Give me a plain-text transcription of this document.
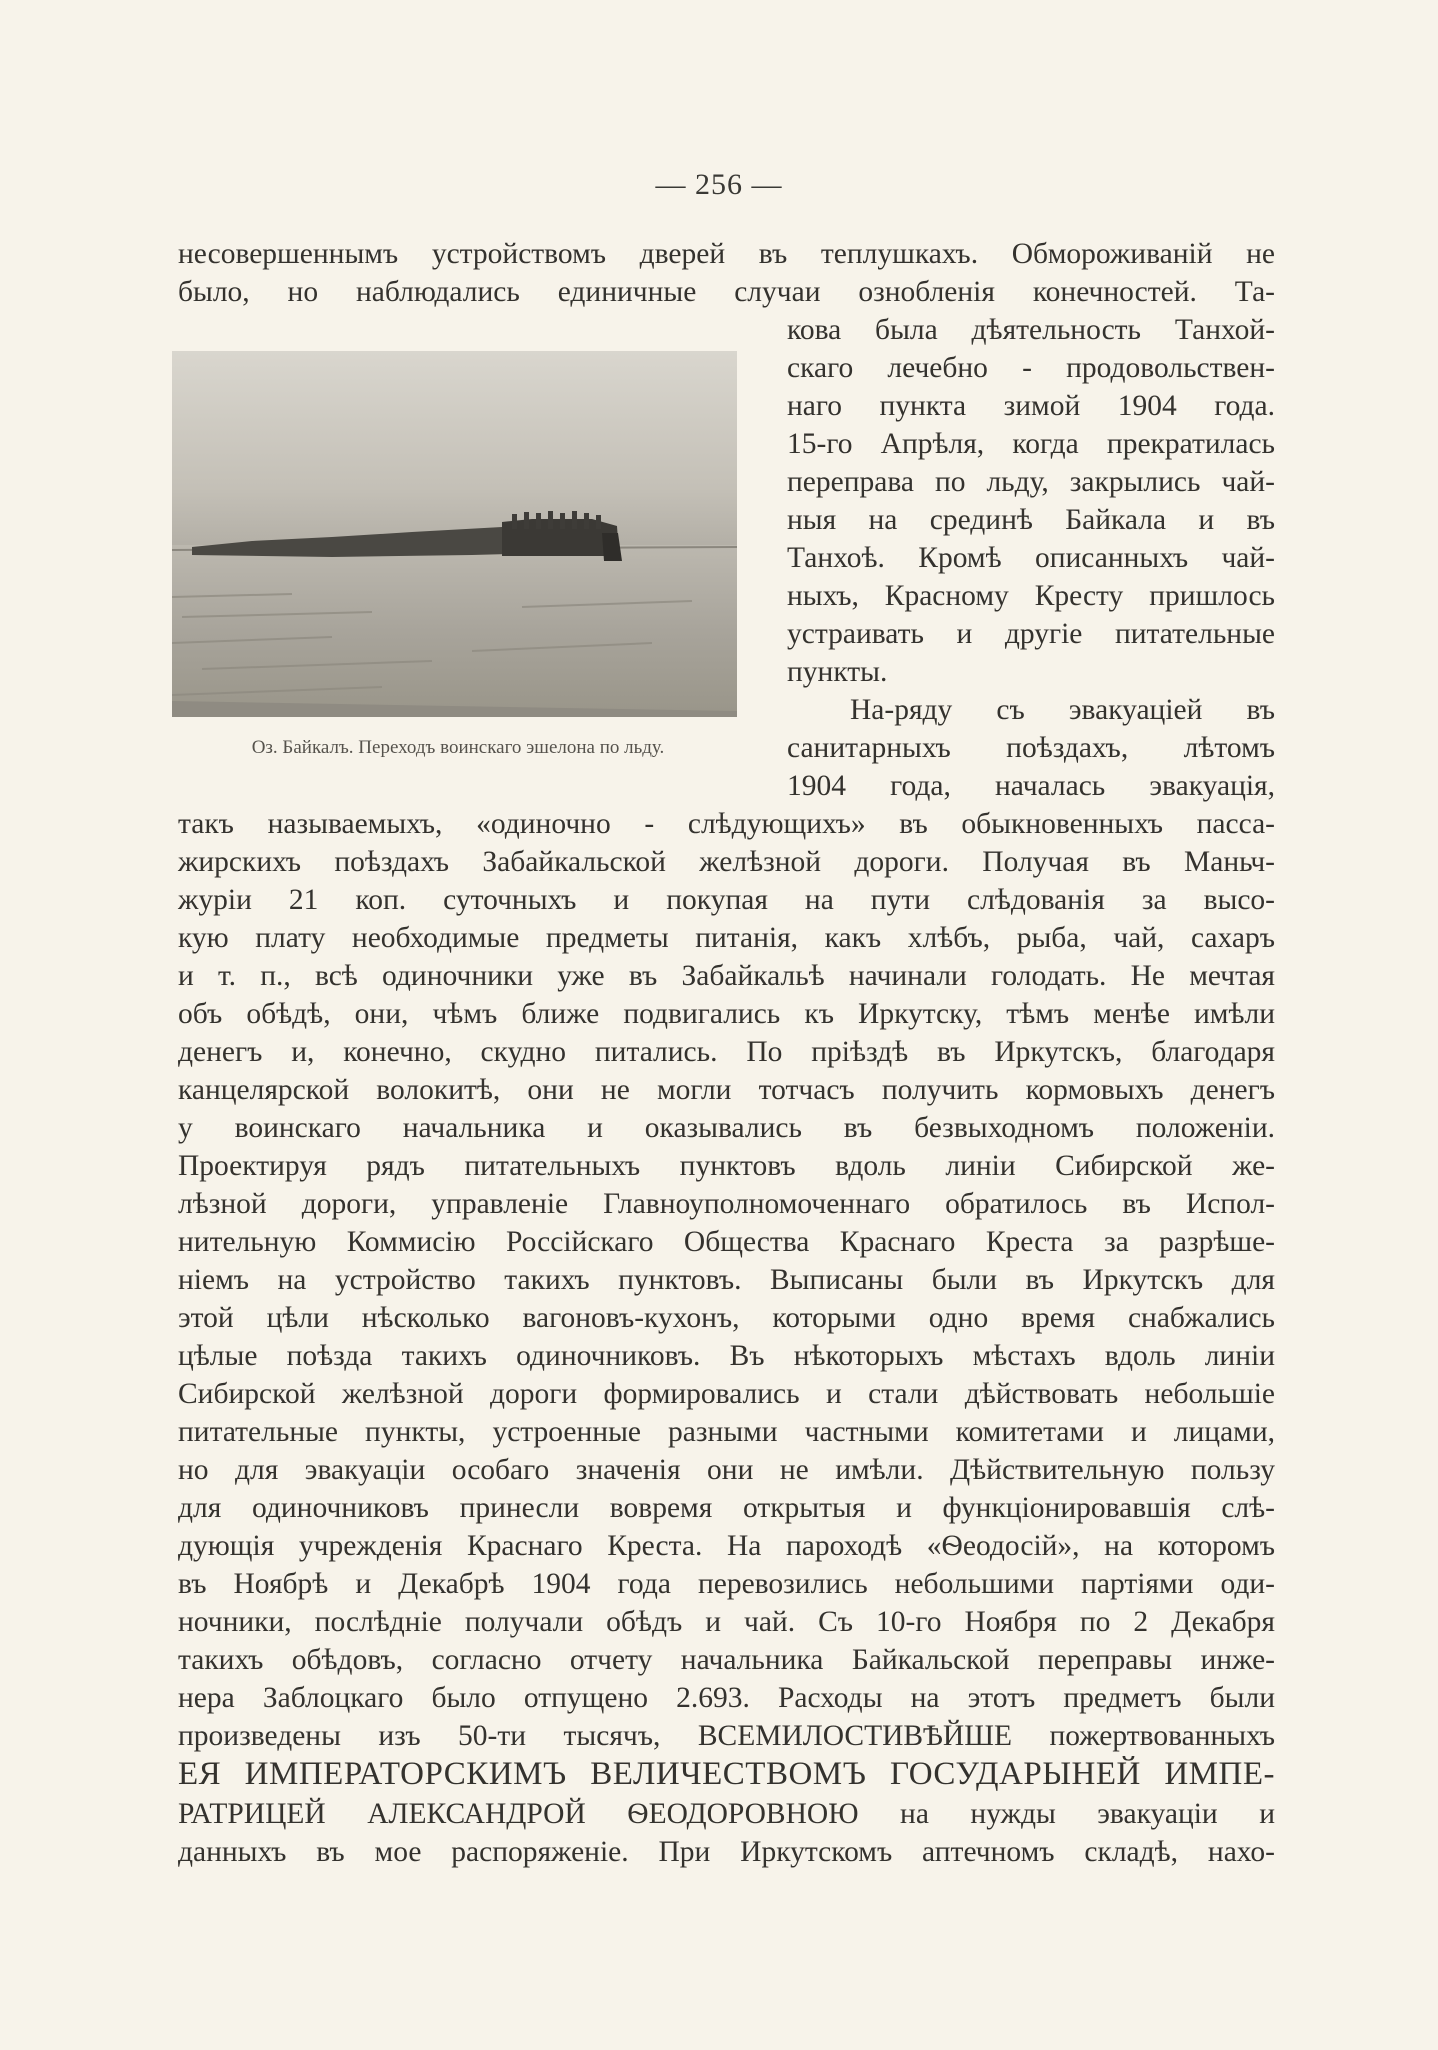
— 256 —
несовершеннымъ устройствомъ дверей въ теплушкахъ. Обмороживаній не
было, но наблюдались единичные случаи озноблeнія конечностей. Та-
Оз. Байкалъ. Переходъ воинскаго эшелона по льду.
кова была дѣятельность Танхой-
скаго лечебно - продовольствен-
наго пункта зимой 1904 года.
15-го Апрѣля, когда прекратилась
переправа по льду, закрылись чай-
ныя на срединѣ Байкала и въ
Танхоѣ. Кромѣ описанныхъ чай-
ныхъ, Красному Кресту пришлось
устраивать и другіе питательные
пункты.
На-ряду съ эвакуаціей въ
санитарныхъ поѣздахъ, лѣтомъ
1904 года, началась эвакуація,
такъ называемыхъ, «одиночно - слѣдующихъ» въ обыкновенныхъ пасса-
жирскихъ поѣздахъ Забайкальской желѣзной дороги. Получая въ Маньч-
журіи 21 коп. суточныхъ и покупая на пути слѣдованія за высо-
кую плату необходимые предметы питанія, какъ хлѣбъ, рыба, чай, сахаръ
и т. п., всѣ одиночники уже въ Забайкальѣ начинали голодать. Не мечтая
объ обѣдѣ, они, чѣмъ ближе подвигались къ Иркутску, тѣмъ менѣе имѣли
денегъ и, конечно, скудно питались. По пріѣздѣ въ Иркутскъ, благодаря
канцелярской волокитѣ, они не могли тотчасъ получить кормовыхъ денегъ
у воинскаго начальника и оказывались въ безвыходномъ положеніи.
Проектируя рядъ питательныхъ пунктовъ вдоль линіи Сибирской же-
лѣзной дороги, управленіе Главноуполномоченнаго обратилось въ Испол-
нительную Коммисію Россійскаго Общества Краснаго Креста за разрѣше-
ніемъ на устройство такихъ пунктовъ. Выписаны были въ Иркутскъ для
этой цѣли нѣсколько вагоновъ-кухонъ, которыми одно время снабжались
цѣлые поѣзда такихъ одиночниковъ. Въ нѣкоторыхъ мѣстахъ вдоль линіи
Сибирской желѣзной дороги формировались и стали дѣйствовать небольшіе
питательные пункты, устроенные разными частными комитетами и лицами,
но для эвакуаціи особаго значенія они не имѣли. Дѣйствительную пользу
для одиночниковъ принесли вовремя открытыя и функціонировавшія слѣ-
дующія учрежденія Краснаго Креста. На пароходѣ «Ѳеодосій», на которомъ
въ Ноябрѣ и Декабрѣ 1904 года перевозились небольшими партіями оди-
ночники, послѣдніе получали обѣдъ и чай. Съ 10-го Ноября по 2 Декабря
такихъ обѣдовъ, согласно отчету начальника Байкальской переправы инже-
нера Заблоцкаго было отпущено 2.693. Расходы на этотъ предметъ были
произведены изъ 50-ти тысячъ, ВСЕМИЛОСТИВѢЙШЕ пожертвованныхъ
ЕЯ ИМПЕРАТОРСКИМЪ ВЕЛИЧЕСТВОМЪ ГОСУДАРЫНЕЙ ИМПЕ-
РАТРИЦЕЙ АЛЕКСАНДРОЙ ѲЕОДОРОВНОЮ на нужды эвакуаціи и
данныхъ въ мое распоряженіе. При Иркутскомъ аптечномъ складѣ, нахо-
